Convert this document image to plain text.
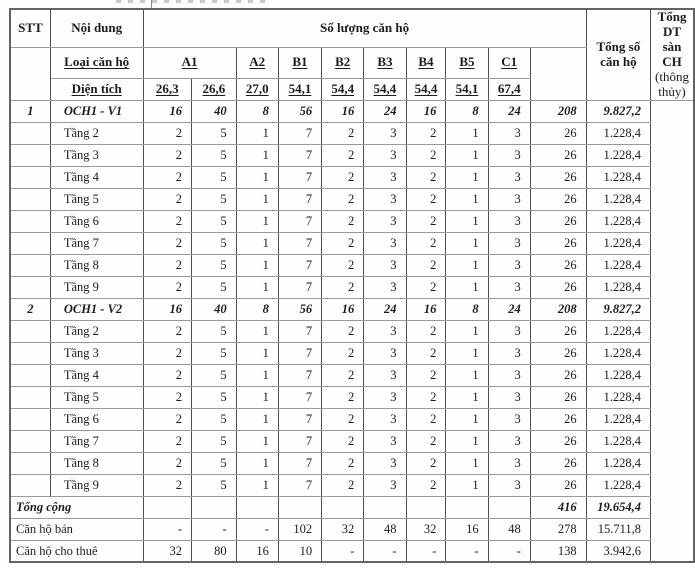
STT	Nội dung	Số lượng căn hộ										Tổng số căn hộ	Tổng DT sàn CH
(thông thủy)

	Loại căn hộ	A1		A2	B1	B2	B3	B4	B5	C1			
	Diện tích	26,3	26,6	27,0	54,1	54,4	54,4	54,4	54,1	67,4			
1	OCH1 - V1	16	40	8	56	16	24	16	8	24	208	9.827,2	
	Tầng 2	2	5	1	7	2	3	2	1	3	26	1.228,4	
	Tầng 3	2	5	1	7	2	3	2	1	3	26	1.228,4	
	Tầng 4	2	5	1	7	2	3	2	1	3	26	1.228,4	
	Tầng 5	2	5	1	7	2	3	2	1	3	26	1.228,4	
	Tầng 6	2	5	1	7	2	3	2	1	3	26	1.228,4	
	Tầng 7	2	5	1	7	2	3	2	1	3	26	1.228,4	
	Tầng 8	2	5	1	7	2	3	2	1	3	26	1.228,4	
	Tầng 9	2	5	1	7	2	3	2	1	3	26	1.228,4	
2	OCH1 - V2	16	40	8	56	16	24	16	8	24	208	9.827,2	
	Tầng 2	2	5	1	7	2	3	2	1	3	26	1.228,4	
	Tầng 3	2	5	1	7	2	3	2	1	3	26	1.228,4	
	Tầng 4	2	5	1	7	2	3	2	1	3	26	1.228,4	
	Tầng 5	2	5	1	7	2	3	2	1	3	26	1.228,4	
	Tầng 6	2	5	1	7	2	3	2	1	3	26	1.228,4	
	Tầng 7	2	5	1	7	2	3	2	1	3	26	1.228,4	
	Tầng 8	2	5	1	7	2	3	2	1	3	26	1.228,4	
	Tầng 9	2	5	1	7	2	3	2	1	3	26	1.228,4	
Tổng cộng											416	19.654,4	
Căn hộ bán		-	-	-	102	32	48	32	16	48	278	15.711,8	
Căn hộ cho thuê		32	80	16	10	-	-	-	-	-	138	3.942,6	
